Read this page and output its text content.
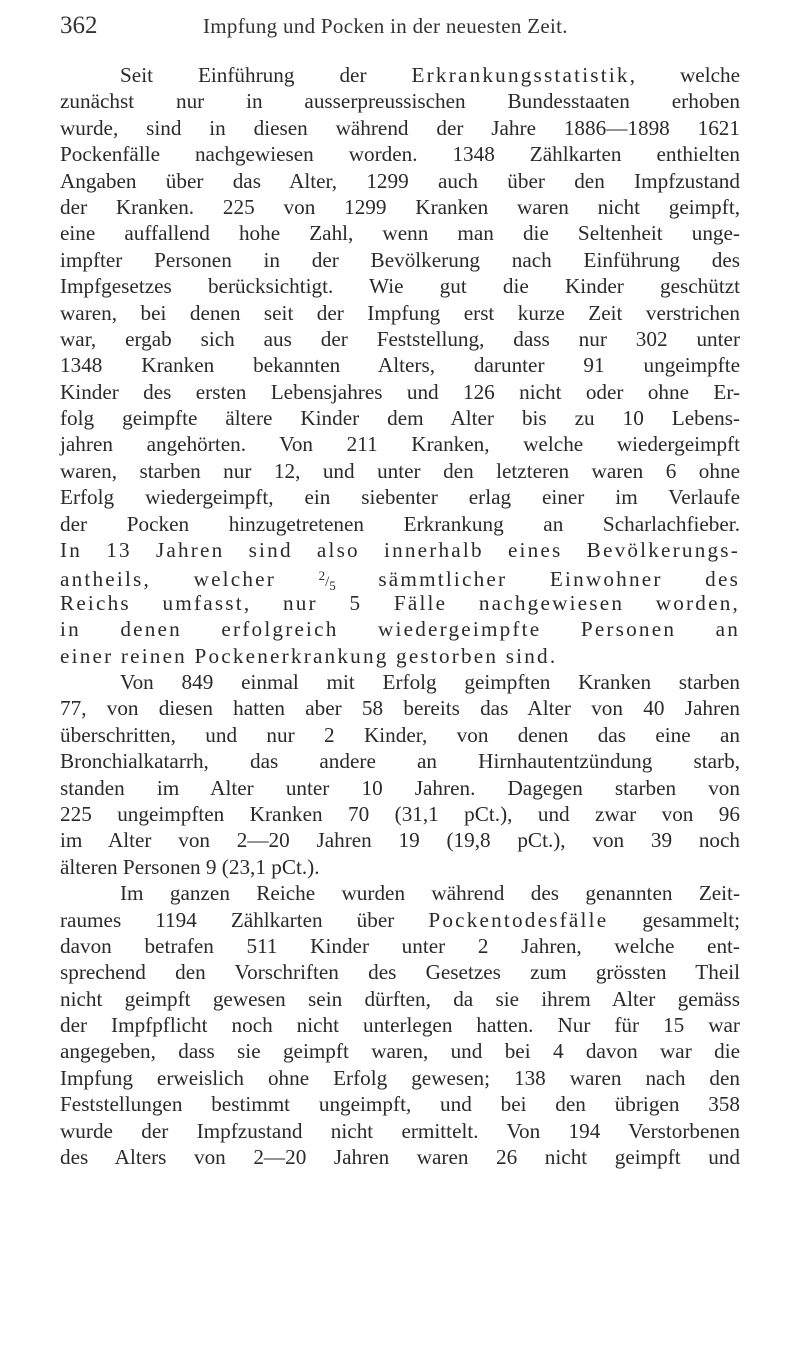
362	Impfung und Pocken in der neuesten Zeit.
Seit Einführung der Erkrankungsstatistik, welche
zunächst nur in ausserpreussischen Bundesstaaten erhoben
wurde, sind in diesen während der Jahre 1886—1898 1621
Pockenfälle nachgewiesen worden. 1348 Zählkarten enthielten
Angaben über das Alter, 1299 auch über den Impfzustand
der Kranken. 225 von 1299 Kranken waren nicht geimpft,
eine auffallend hohe Zahl, wenn man die Seltenheit unge-
impfter Personen in der Bevölkerung nach Einführung des
Impfgesetzes berücksichtigt. Wie gut die Kinder geschützt
waren, bei denen seit der Impfung erst kurze Zeit verstrichen
war, ergab sich aus der Feststellung, dass nur 302 unter
1348 Kranken bekannten Alters, darunter 91 ungeimpfte
Kinder des ersten Lebensjahres und 126 nicht oder ohne Er-
folg geimpfte ältere Kinder dem Alter bis zu 10 Lebens-
jahren angehörten. Von 211 Kranken, welche wiedergeimpft
waren, starben nur 12, und unter den letzteren waren 6 ohne
Erfolg wiedergeimpft, ein siebenter erlag einer im Verlaufe
der Pocken hinzugetretenen Erkrankung an Scharlachfieber.
In 13 Jahren sind also innerhalb eines Bevölkerungs-
antheils, welcher	$^2/_5$ sämmtlicher Einwohner des
Reichs umfasst, nur 5 Fälle nachgewiesen worden,
in denen erfolgreich wiedergeimpfte Personen an
einer reinen Pockenerkrankung gestorben sind.
Von 849 einmal mit Erfolg geimpften Kranken starben
77, von diesen hatten aber 58 bereits das Alter von 40 Jahren
überschritten, und nur 2 Kinder, von denen das eine an
Bronchialkatarrh, das andere an Hirnhautentzündung starb,
standen im Alter unter 10 Jahren. Dagegen starben von
225 ungeimpften Kranken 70 (31,1 pCt.), und zwar von 96
im Alter von 2—20 Jahren 19 (19,8 pCt.), von 39 noch
älteren Personen 9 (23,1 pCt.).
Im ganzen Reiche wurden während des genannten Zeit-
raumes 1194 Zählkarten über Pockentodesfälle gesammelt;
davon betrafen 511 Kinder unter 2 Jahren, welche ent-
sprechend den Vorschriften des Gesetzes zum grössten Theil
nicht geimpft gewesen sein dürften, da sie ihrem Alter gemäss
der Impfpflicht noch nicht unterlegen hatten. Nur für 15 war
angegeben, dass sie geimpft waren, und bei 4 davon war die
Impfung erweislich ohne Erfolg gewesen; 138 waren nach den
Feststellungen bestimmt ungeimpft, und bei den übrigen 358
wurde der Impfzustand nicht ermittelt. Von 194 Verstorbenen
des Alters von 2—20 Jahren waren 26 nicht geimpft und
